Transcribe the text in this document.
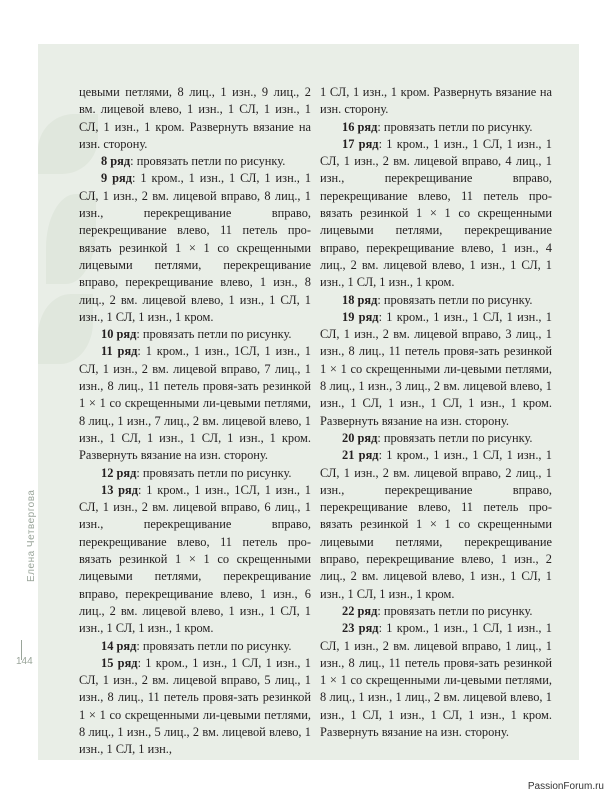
Елена Четвергова
144

цевыми петлями, 8 лиц., 1 изн., 9 лиц., 2 вм. лицевой влево, 1 изн., 1 СЛ, 1 изн., 1 СЛ, 1 изн., 1 кром. Развернуть вязание на изн. сторону.

8 ряд: провязать петли по рисунку.

9 ряд: 1 кром., 1 изн., 1 СЛ, 1 изн., 1 СЛ, 1 изн., 2 вм. лицевой вправо, 8 лиц., 1 изн., перекрещивание вправо, перекрещивание влево, 11 петель про-вязать резинкой 1 × 1 со скрещенными лицевыми петлями, перекрещивание вправо, перекрещивание влево, 1 изн., 8 лиц., 2 вм. лицевой влево, 1 изн., 1 СЛ, 1 изн., 1 СЛ, 1 изн., 1 кром.

10 ряд: провязать петли по рисунку.

11 ряд: 1 кром., 1 изн., 1СЛ, 1 изн., 1 СЛ, 1 изн., 2 вм. лицевой вправо, 7 лиц., 1 изн., 8 лиц., 11 петель провя-зать резинкой 1 × 1 со скрещенными ли-цевыми петлями, 8 лиц., 1 изн., 7 лиц., 2 вм. лицевой влево, 1 изн., 1 СЛ, 1 изн., 1 СЛ, 1 изн., 1 кром. Развернуть вязание на изн. сторону.

12 ряд: провязать петли по рисунку.

13 ряд: 1 кром., 1 изн., 1СЛ, 1 изн., 1 СЛ, 1 изн., 2 вм. лицевой вправо, 6 лиц., 1 изн., перекрещивание вправо, перекрещивание влево, 11 петель про-вязать резинкой 1 × 1 со скрещенными лицевыми петлями, перекрещивание вправо, перекрещивание влево, 1 изн., 6 лиц., 2 вм. лицевой влево, 1 изн., 1 СЛ, 1 изн., 1 СЛ, 1 изн., 1 кром.

14 ряд: провязать петли по рисунку.

15 ряд: 1 кром., 1 изн., 1 СЛ, 1 изн., 1 СЛ, 1 изн., 2 вм. лицевой вправо, 5 лиц., 1 изн., 8 лиц., 11 петель провя-зать резинкой 1 × 1 со скрещенными ли-цевыми петлями, 8 лиц., 1 изн., 5 лиц., 2 вм. лицевой влево, 1 изн., 1 СЛ, 1 изн.,

1 СЛ, 1 изн., 1 кром. Развернуть вязание на изн. сторону.

16 ряд: провязать петли по рисунку.

17 ряд: 1 кром., 1 изн., 1 СЛ, 1 изн., 1 СЛ, 1 изн., 2 вм. лицевой вправо, 4 лиц., 1 изн., перекрещивание вправо, перекрещивание влево, 11 петель про-вязать резинкой 1 × 1 со скрещенными лицевыми петлями, перекрещивание вправо, перекрещивание влево, 1 изн., 4 лиц., 2 вм. лицевой влево, 1 изн., 1 СЛ, 1 изн., 1 СЛ, 1 изн., 1 кром.

18 ряд: провязать петли по рисунку.

19 ряд: 1 кром., 1 изн., 1 СЛ, 1 изн., 1 СЛ, 1 изн., 2 вм. лицевой вправо, 3 лиц., 1 изн., 8 лиц., 11 петель провя-зать резинкой 1 × 1 со скрещенными ли-цевыми петлями, 8 лиц., 1 изн., 3 лиц., 2 вм. лицевой влево, 1 изн., 1 СЛ, 1 изн., 1 СЛ, 1 изн., 1 кром. Развернуть вязание на изн. сторону.

20 ряд: провязать петли по рисунку.

21 ряд: 1 кром., 1 изн., 1 СЛ, 1 изн., 1 СЛ, 1 изн., 2 вм. лицевой вправо, 2 лиц., 1 изн., перекрещивание вправо, перекрещивание влево, 11 петель про-вязать резинкой 1 × 1 со скрещенными лицевыми петлями, перекрещивание вправо, перекрещивание влево, 1 изн., 2 лиц., 2 вм. лицевой влево, 1 изн., 1 СЛ, 1 изн., 1 СЛ, 1 изн., 1 кром.

22 ряд: провязать петли по рисунку.

23 ряд: 1 кром., 1 изн., 1 СЛ, 1 изн., 1 СЛ, 1 изн., 2 вм. лицевой вправо, 1 лиц., 1 изн., 8 лиц., 11 петель провя-зать резинкой 1 × 1 со скрещенными ли-цевыми петлями, 8 лиц., 1 изн., 1 лиц., 2 вм. лицевой влево, 1 изн., 1 СЛ, 1 изн., 1 СЛ, 1 изн., 1 кром. Развернуть вязание на изн. сторону.

PassionForum.ru
